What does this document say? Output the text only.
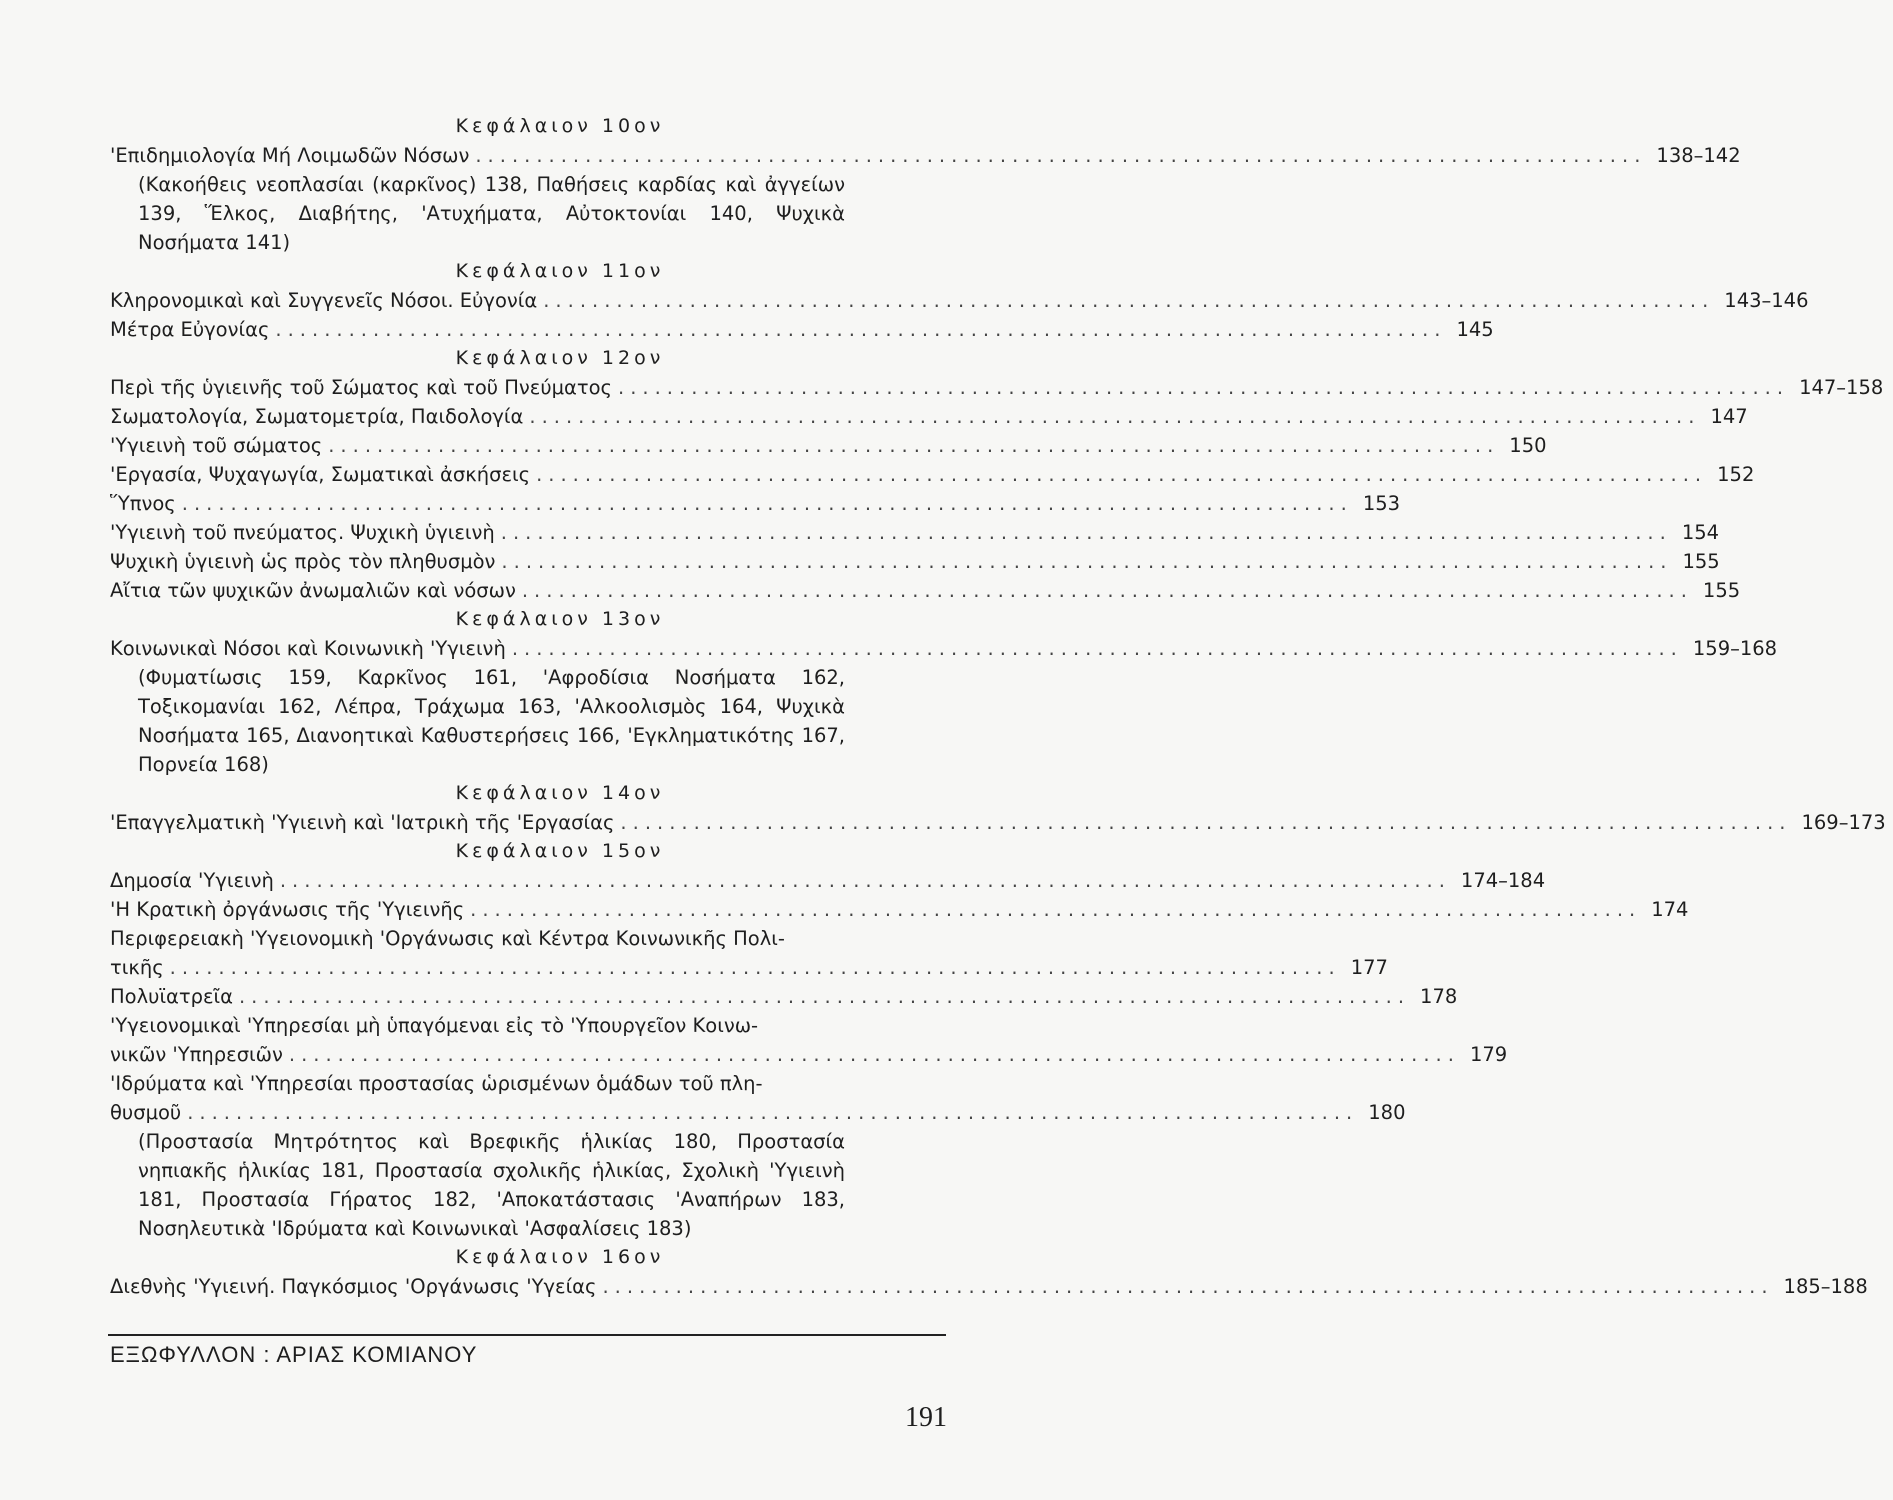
Κεφάλαιον 10ον
'Επιδημιολογία Μή Λοιμωδῶν Νόσων ................................................................................................ 138–142
(Κακοήθεις νεοπλασίαι (καρκῖνος) 138, Παθήσεις καρδίας καὶ ἀγγείων 139, Ἕλκος, Διαβήτης, 'Ατυχήματα, Αὐτοκτονίαι 140, Ψυχικὰ Νοσήματα 141)
Κεφάλαιον 11ον
Κληρονομικαὶ καὶ Συγγενεῖς Νόσοι. Εὐγονία ................................................................................................ 143–146
Μέτρα Εὐγονίας ................................................................................................ 145
Κεφάλαιον 12ον
Περὶ τῆς ὑγιεινῆς τοῦ Σώματος καὶ τοῦ Πνεύματος ................................................................................................ 147–158
Σωματολογία, Σωματομετρία, Παιδολογία ................................................................................................ 147
'Υγιεινὴ τοῦ σώματος ................................................................................................ 150
'Εργασία, Ψυχαγωγία, Σωματικαὶ ἀσκήσεις ................................................................................................ 152
Ὕπνος ................................................................................................ 153
'Υγιεινὴ τοῦ πνεύματος. Ψυχικὴ ὑγιεινὴ ................................................................................................ 154
Ψυχικὴ ὑγιεινὴ ὡς πρὸς τὸν πληθυσμὸν ................................................................................................ 155
Αἴτια τῶν ψυχικῶν ἀνωμαλιῶν καὶ νόσων ................................................................................................ 155
Κεφάλαιον 13ον
Κοινωνικαὶ Νόσοι καὶ Κοινωνικὴ 'Υγιεινὴ ................................................................................................ 159–168
(Φυματίωσις 159, Καρκῖνος 161, 'Αφροδίσια Νοσήματα 162, Τοξικομανίαι 162, Λέπρα, Τράχωμα 163, 'Αλκοολισμὸς 164, Ψυχικὰ Νοσήματα 165, Διανοητικαὶ Καθυστερήσεις 166, 'Εγκληματικότης 167, Πορνεία 168)
Κεφάλαιον 14ον
'Επαγγελματικὴ 'Υγιεινὴ καὶ 'Ιατρικὴ τῆς 'Εργασίας ................................................................................................ 169–173
Κεφάλαιον 15ον
Δημοσία 'Υγιεινὴ ................................................................................................ 174–184
'Η Κρατικὴ ὀργάνωσις τῆς 'Υγιεινῆς ................................................................................................ 174
Περιφερειακὴ 'Υγειονομικὴ 'Οργάνωσις καὶ Κέντρα Κοινωνικῆς Πολι-
τικῆς ................................................................................................ 177
Πολυϊατρεῖα ................................................................................................ 178
'Υγειονομικαὶ 'Υπηρεσίαι μὴ ὑπαγόμεναι εἰς τὸ 'Υπουργεῖον Κοινω-
νικῶν 'Υπηρεσιῶν ................................................................................................ 179
'Ιδρύματα καὶ 'Υπηρεσίαι προστασίας ὡρισμένων ὁμάδων τοῦ πλη-
θυσμοῦ ................................................................................................ 180
(Προστασία Μητρότητος καὶ Βρεφικῆς ἡλικίας 180, Προστασία νηπιακῆς ἡλικίας 181, Προστασία σχολικῆς ἡλικίας, Σχολικὴ 'Υγιεινὴ 181, Προστασία Γήρατος 182, 'Αποκατάστασις 'Αναπήρων 183, Νοσηλευτικὰ 'Ιδρύματα καὶ Κοινωνικαὶ 'Ασφαλίσεις 183)
Κεφάλαιον 16ον
Διεθνὴς 'Υγιεινή. Παγκόσμιος 'Οργάνωσις 'Υγείας ................................................................................................ 185–188
ΕΞΩΦΥΛΛΟΝ : ΑΡΙΑΣ ΚΟΜΙΑΝΟΥ
191
